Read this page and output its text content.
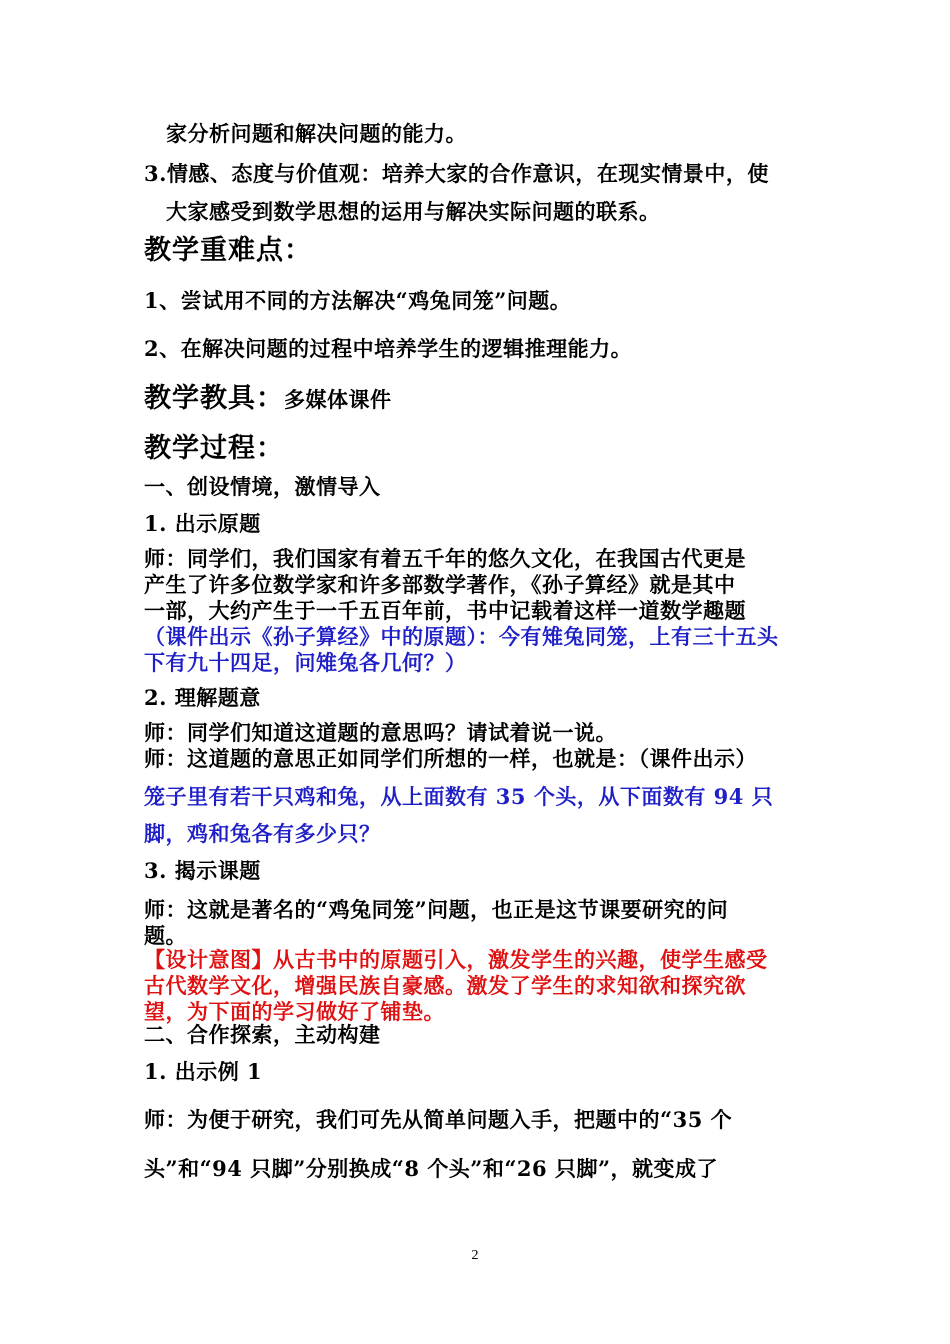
家分析问题和解决问题的能力。
3.情感、态度与价值观：培养大家的合作意识，在现实情景中，使
大家感受到数学思想的运用与解决实际问题的联系。
教学重难点：
1、尝试用不同的方法解决“鸡兔同笼”问题。
2、在解决问题的过程中培养学生的逻辑推理能力。
教学教具：多媒体课件
教学过程：
一、创设情境，激情导入
1. 出示原题
师：同学们，我们国家有着五千年的悠久文化，在我国古代更是
产生了许多位数学家和许多部数学著作，《孙子算经》就是其中
一部，大约产生于一千五百年前，书中记载着这样一道数学趣题
（课件出示《孙子算经》中的原题）：今有雉兔同笼，上有三十五头
下有九十四足，问雉兔各几何？）
2. 理解题意
师：同学们知道这道题的意思吗？请试着说一说。
师：这道题的意思正如同学们所想的一样，也就是：（课件出示）
笼子里有若干只鸡和兔，从上面数有 35 个头，从下面数有 94 只
脚，鸡和兔各有多少只？
3. 揭示课题
师：这就是著名的“鸡兔同笼”问题，也正是这节课要研究的问
题。
【设计意图】从古书中的原题引入，激发学生的兴趣，使学生感受
古代数学文化，增强民族自豪感。激发了学生的求知欲和探究欲
望，为下面的学习做好了铺垫。
二、合作探索，主动构建
1. 出示例 1
师：为便于研究，我们可先从简单问题入手，把题中的“35 个
头”和“94 只脚”分别换成“8 个头”和“26 只脚”，就变成了
2
